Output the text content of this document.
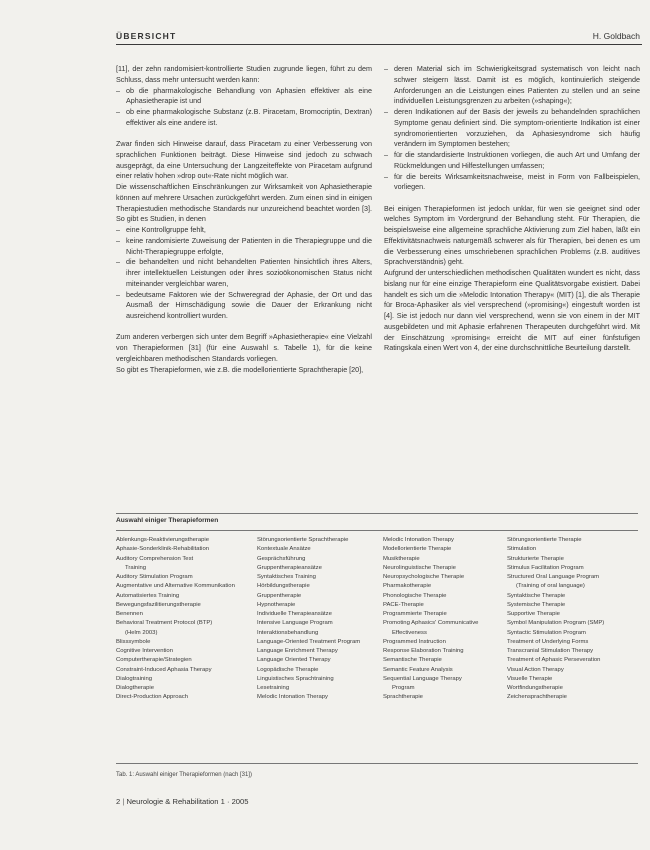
ÜBERSICHT	H. Goldbach

[11], der zehn randomisiert-kontrollierte Studien zugrunde liegen, führt zu dem Schluss, dass mehr untersucht werden kann:

– ob die pharmakologische Behandlung von Aphasien effektiver als eine Aphasietherapie ist und
– ob eine pharmakologische Substanz (z.B. Piracetam, Bromocriptin, Dextran) effektiver als eine andere ist.

Zwar finden sich Hinweise darauf, dass Piracetam zu einer Verbesserung von sprachlichen Funktionen beiträgt. Diese Hinweise sind jedoch zu schwach ausgeprägt, da eine Untersuchung der Langzeiteffekte von Piracetam aufgrund einer relativ hohen »drop out«-Rate nicht möglich war.

Die wissenschaftlichen Einschränkungen zur Wirksamkeit von Aphasietherapie können auf mehrere Ursachen zurückgeführt werden. Zum einen sind in einigen Therapiestudien methodische Standards nur unzureichend beachtet worden [3]. So gibt es Studien, in denen

– eine Kontrollgruppe fehlt,
– keine randomisierte Zuweisung der Patienten in die Therapiegruppe und die Nicht-Therapiegruppe erfolgte,
– die behandelten und nicht behandelten Patienten hinsichtlich ihres Alters, ihrer intellektuellen Leistungen oder ihres sozioökonomischen Status nicht miteinander vergleichbar waren,
– bedeutsame Faktoren wie der Schweregrad der Aphasie, der Ort und das Ausmaß der Hirnschädigung sowie die Dauer der Erkrankung nicht ausreichend kontrolliert wurden.

Zum anderen verbergen sich unter dem Begriff »Aphasietherapie« eine Vielzahl von Therapieformen [31] (für eine Auswahl s. Tabelle 1), für die keine vergleichbaren methodischen Standards vorliegen.

So gibt es Therapieformen, wie z.B. die modellorientierte Sprachtherapie [20],

– deren Material sich im Schwierigkeitsgrad systematisch von leicht nach schwer steigern lässt. Damit ist es möglich, kontinuierlich steigende Anforderungen an die Leistungen eines Patienten zu stellen und an seine individuellen Leistungsgrenzen zu arbeiten (»shaping«);
– deren Indikationen auf der Basis der jeweils zu behandelnden sprachlichen Symptome genau definiert sind. Die symptom-orientierte Indikation ist einer syndromorientierten vorzuziehen, da Aphasiesyndrome sich häufig verändern im Symptomen bestehen;
– für die standardisierte Instruktionen vorliegen, die auch Art und Umfang der Rückmeldungen und Hilfestellungen umfassen;
– für die bereits Wirksamkeitsnachweise, meist in Form von Fallbeispielen, vorliegen.

Bei einigen Therapieformen ist jedoch unklar, für wen sie geeignet sind oder welches Symptom im Vordergrund der Behandlung steht. Für Therapien, die beispielsweise eine allgemeine sprachliche Aktivierung zum Ziel haben, läßt ein Effektivitätsnachweis naturgemäß schwerer als für Therapien, bei denen es um die Verbesserung eines umschriebenen sprachlichen Problems (z.B. auditives Sprachverständnis) geht.

Aufgrund der unterschiedlichen methodischen Qualitäten wundert es nicht, dass bislang nur für eine einzige Therapieform eine Qualitätsvorgabe existiert. Dabei handelt es sich um die »Melodic Intonation Therapy« (MIT) [1], die als Therapie für Broca-Aphasiker als viel versprechend (»promising«) eingestuft worden ist [4]. Sie ist jedoch nur dann viel versprechend, wenn sie von einem in der MIT ausgebildeten und mit Aphasie erfahrenen Therapeuten durchgeführt wird. Mit der Einschätzung »promising« erreicht die MIT auf einer fünfstufigen Ratingskala einen Wert von 4, der eine durchschnittliche Beurteilung darstellt.

Auswahl einiger Therapieformen
Ablenkungs-Reaktivierungstherapie
Aphasie-Sonderklinik-Rehabilitation
Auditory Comprehension Test
Training
Auditory Stimulation Program
Augmentative und Alternative Kommunikation
Automatisiertes Training
Bewegungsfazilitierungstherapie
Benennen
Behavioral Treatment Protocol (BTP)
(Helm 2003)
Blisssymbole
Cognitive Intervention
Computertherapie/Strategien
Constraint-Induced Aphasia Therapy
Dialogtraining
Dialogtherapie
Direct-Production Approach
Störungsorientierte Sprachtherapie
Kontextuale Ansätze
Gesprächsführung
Gruppentherapieansätze
Syntaktisches Training
Hörbildungstherapie
Gruppentherapie
Hypnotherapie
Individuelle Therapieansätze
Intensive Language Program
Interaktionsbehandlung
Language-Oriented Treatment Program
Language Enrichment Therapy
Language Oriented Therapy
Logopädische Therapie
Linguistisches Sprachtraining
Lesetraining
Melodic Intonation Therapy
Melodic Intonation Therapy
Modellorientierte Therapie
Musiktherapie
Neurolinguistische Therapie
Neuropsychologische Therapie
Pharmakotherapie
Phonologische Therapie
PACE-Therapie
Programmierte Therapie
Promoting Aphasics' Communicative
Effectiveness
Programmed Instruction
Response Elaboration Training
Semantische Therapie
Semantic Feature Analysis
Sequential Language Therapy
Program
Sprachtherapie
Störungsorientierte Therapie
Stimulation
Strukturierte Therapie
Stimulus Facilitation Program
Structured Oral Language Program
(Training of oral language)
Syntaktische Therapie
Systemische Therapie
Supportive Therapie
Symbol Manipulation Program (SMP)
Syntactic Stimulation Program
Treatment of Underlying Forms
Transcranial Stimulation Therapy
Treatment of Aphasic Perseveration
Visual Action Therapy
Visuelle Therapie
Wortfindungstherapie
Zeichensprachtherapie
Tab. 1: Auswahl einiger Therapieformen (nach [31])
2 | Neurologie & Rehabilitation 1 · 2005
